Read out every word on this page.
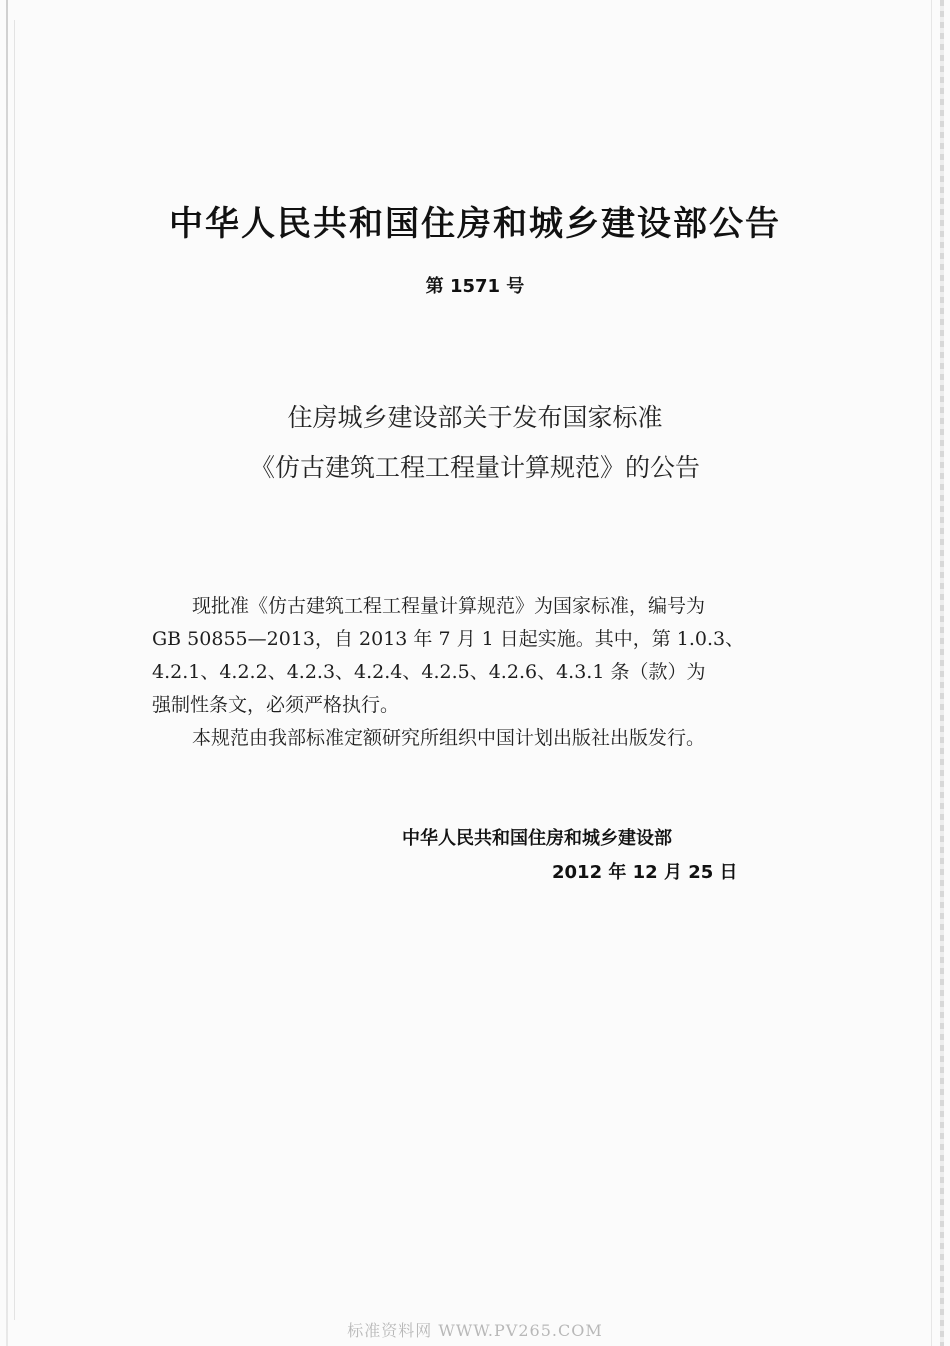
中华人民共和国住房和城乡建设部公告
第 1571 号
住房城乡建设部关于发布国家标准
《仿古建筑工程工程量计算规范》的公告
现批准《仿古建筑工程工程量计算规范》为国家标准，编号为
GB 50855—2013，自 2013 年 7 月 1 日起实施。其中，第 1.0.3、
4.2.1、4.2.2、4.2.3、4.2.4、4.2.5、4.2.6、4.3.1 条（款）为
强制性条文，必须严格执行。
本规范由我部标准定额研究所组织中国计划出版社出版发行。
中华人民共和国住房和城乡建设部
2012 年 12 月 25 日
标准资料网 WWW.PV265.COM
